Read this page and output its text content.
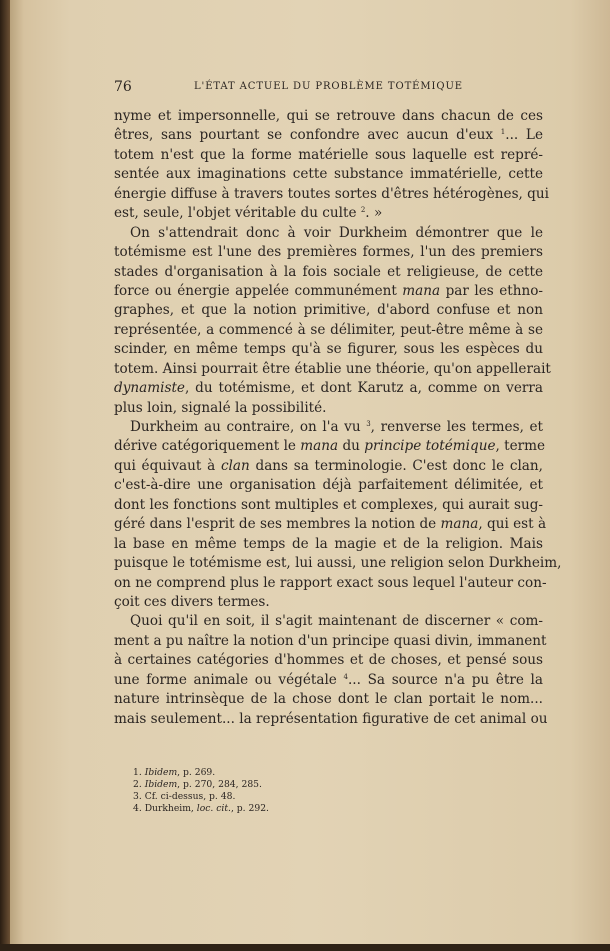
76	L'ÉTAT ACTUEL DU PROBLÈME TOTÉMIQUE
nyme et impersonnelle, qui se retrouve dans chacun de ces
êtres, sans pourtant se confondre avec aucun d'eux $^1$... Le
totem n'est que la forme matérielle sous laquelle est repré-
sentée aux imaginations cette substance immatérielle, cette
énergie diffuse à travers toutes sortes d'êtres hétérogènes, qui
est, seule, l'objet véritable du culte $^2$. »
On s'attendrait donc à voir Durkheim démontrer que le
totémisme est l'une des premières formes, l'un des premiers
stades d'organisation à la fois sociale et religieuse, de cette
force ou énergie appelée communément mana par les ethno-
graphes, et que la notion primitive, d'abord confuse et non
représentée, a commencé à se délimiter, peut-être même à se
scinder, en même temps qu'à se figurer, sous les espèces du
totem. Ainsi pourrait être établie une théorie, qu'on appellerait
dynamiste, du totémisme, et dont Karutz a, comme on verra
plus loin, signalé la possibilité.
Durkheim au contraire, on l'a vu $^3$, renverse les termes, et
dérive catégoriquement le mana du principe totémique, terme
qui équivaut à clan dans sa terminologie. C'est donc le clan,
c'est-à-dire une organisation déjà parfaitement délimitée, et
dont les fonctions sont multiples et complexes, qui aurait sug-
géré dans l'esprit de ses membres la notion de mana, qui est à
la base en même temps de la magie et de la religion. Mais
puisque le totémisme est, lui aussi, une religion selon Durkheim,
on ne comprend plus le rapport exact sous lequel l'auteur con-
çoit ces divers termes.
Quoi qu'il en soit, il s'agit maintenant de discerner « com-
ment a pu naître la notion d'un principe quasi divin, immanent
à certaines catégories d'hommes et de choses, et pensé sous
une forme animale ou végétale $^4$... Sa source n'a pu être la
nature intrinsèque de la chose dont le clan portait le nom...
mais seulement... la représentation figurative de cet animal ou
1. Ibidem, p. 269.
2. Ibidem, p. 270, 284, 285.
3. Cf. ci-dessus, p. 48.
4. Durkheim, loc. cit., p. 292.
